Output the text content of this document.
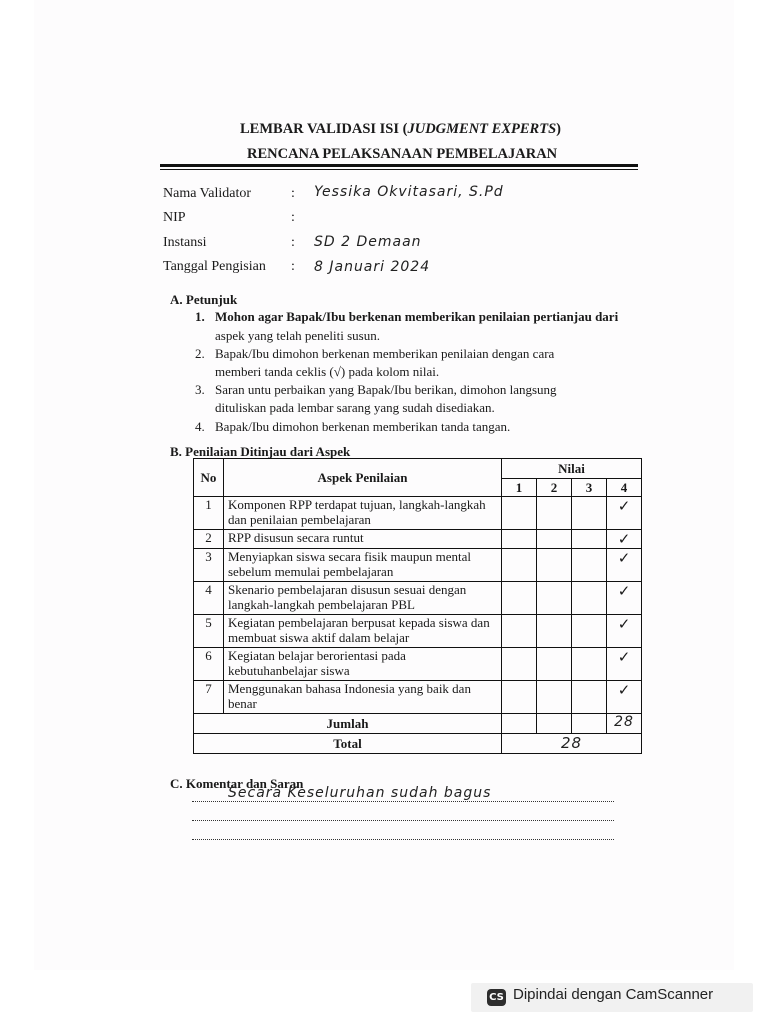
LEMBAR VALIDASI ISI (JUDGMENT EXPERTS)
RENCANA PELAKSANAAN PEMBELAJARAN
Nama Validator	: Yessika Okvitasari, S.Pd
NIP	:
Instansi	: SD 2 Demaan
Tanggal Pengisian : 8 Januari 2024
A. Petunjuk
1. Mohon agar Bapak/Ibu berkenan memberikan penilaian pertianjau dari
aspek yang telah peneliti susun.
2. Bapak/Ibu dimohon berkenan memberikan penilaian dengan cara
memberi tanda ceklis (√) pada kolom nilai.
3. Saran untu perbaikan yang Bapak/Ibu berikan, dimohon langsung
dituliskan pada lembar sarang yang sudah disediakan.
4. Bapak/Ibu dimohon berkenan memberikan tanda tangan.
B. Penilaian Ditinjau dari Aspek
No	Aspek Penilaian	Nilai			
		1	2	3	4
1	Komponen RPP terdapat tujuan, langkah-langkah dan penilaian pembelajaran				✓
2	RPP disusun secara runtut				✓
3	Menyiapkan siswa secara fisik maupun mental sebelum memulai pembelajaran				✓
4	Skenario pembelajaran disusun sesuai dengan langkah-langkah pembelajaran PBL				✓
5	Kegiatan pembelajaran berpusat kepada siswa dan membuat siswa aktif dalam belajar				✓
6	Kegiatan belajar berorientasi pada kebutuhanbelajar siswa				✓
7	Menggunakan bahasa Indonesia yang baik dan benar				✓
Jumlah					28
Total		28			
C. Komentar dan Saran
Secara Keseluruhan sudah bagus
CS Dipindai dengan CamScanner
